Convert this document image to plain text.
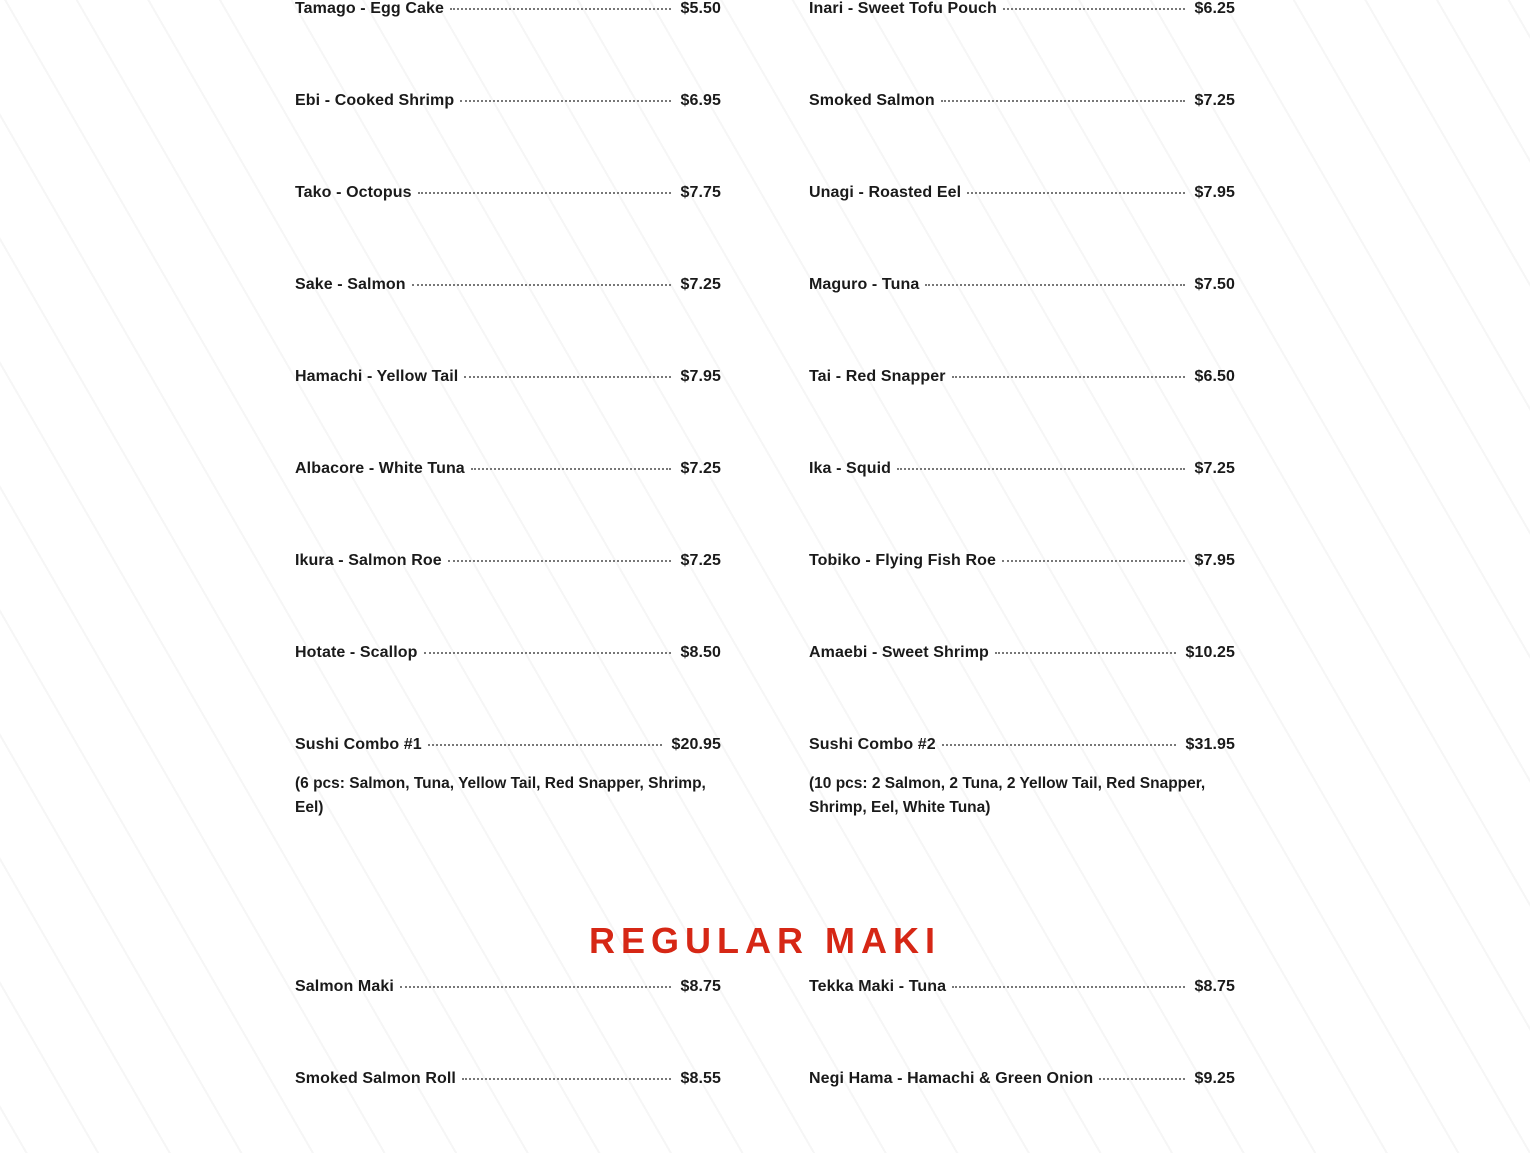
Tamago - Egg Cake	$5.50
Ebi - Cooked Shrimp	$6.95
Tako - Octopus	$7.75
Sake - Salmon	$7.25
Hamachi - Yellow Tail	$7.95
Albacore - White Tuna	$7.25
Ikura - Salmon Roe	$7.25
Hotate - Scallop	$8.50
Sushi Combo #1	$20.95
(6 pcs: Salmon, Tuna, Yellow Tail, Red Snapper, Shrimp, Eel)
Inari - Sweet Tofu Pouch	$6.25
Smoked Salmon	$7.25
Unagi - Roasted Eel	$7.95
Maguro - Tuna	$7.50
Tai - Red Snapper	$6.50
Ika - Squid	$7.25
Tobiko - Flying Fish Roe	$7.95
Amaebi - Sweet Shrimp	$10.25
Sushi Combo #2	$31.95
(10 pcs: 2 Salmon, 2 Tuna, 2 Yellow Tail, Red Snapper, Shrimp, Eel, White Tuna)
REGULAR MAKI
Salmon Maki	$8.75
Smoked Salmon Roll	$8.55
Tekka Maki - Tuna	$8.75
Negi Hama - Hamachi & Green Onion	$9.25
